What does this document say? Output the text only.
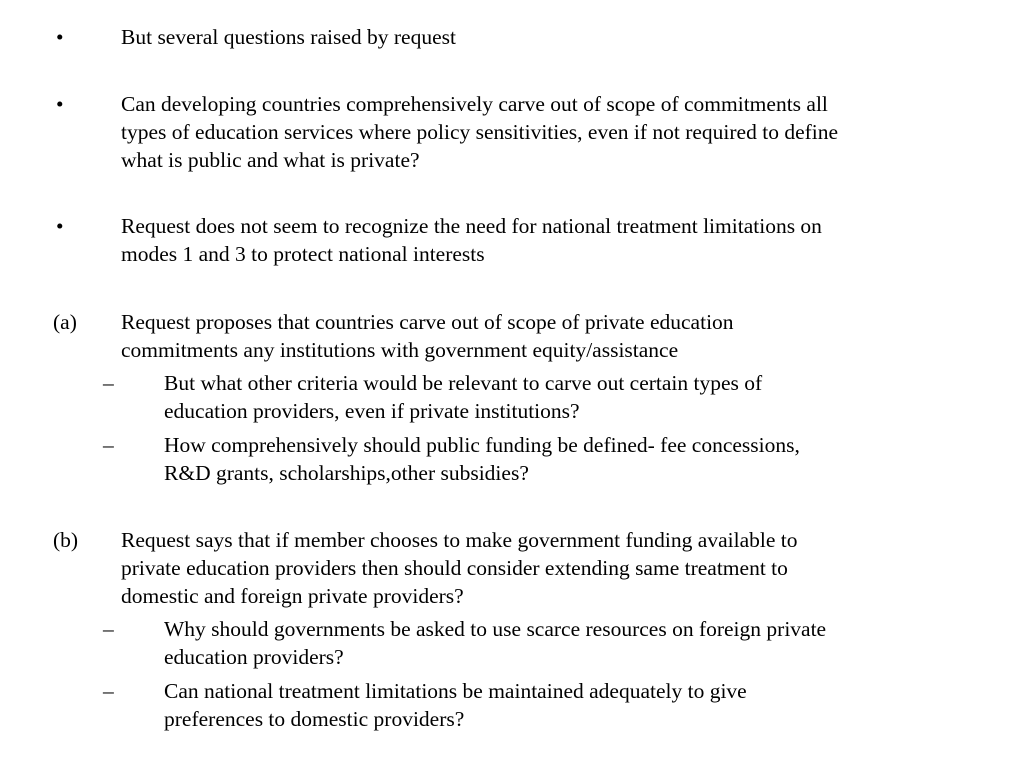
•	But several questions raised by request
•	Can developing countries comprehensively carve out of scope of commitments all
types of education services where policy sensitivities, even if not required to define
what is public and what is private?
•	Request does not seem to recognize the need for national treatment limitations on
modes 1 and 3 to protect national interests
(a) Request proposes that countries carve out of scope of private education
commitments any institutions with government equity/assistance
– But what other criteria would be relevant to carve out certain types of
education providers, even if private institutions?
– How comprehensively should public funding be defined- fee concessions,
R&D grants, scholarships,other subsidies?
(b) Request says that if member chooses to make government funding available to
private education providers then should consider extending same treatment to
domestic and foreign private providers?
– Why should governments be asked to use scarce resources on foreign private
education providers?
– Can national treatment limitations be maintained adequately to give
preferences to domestic providers?
